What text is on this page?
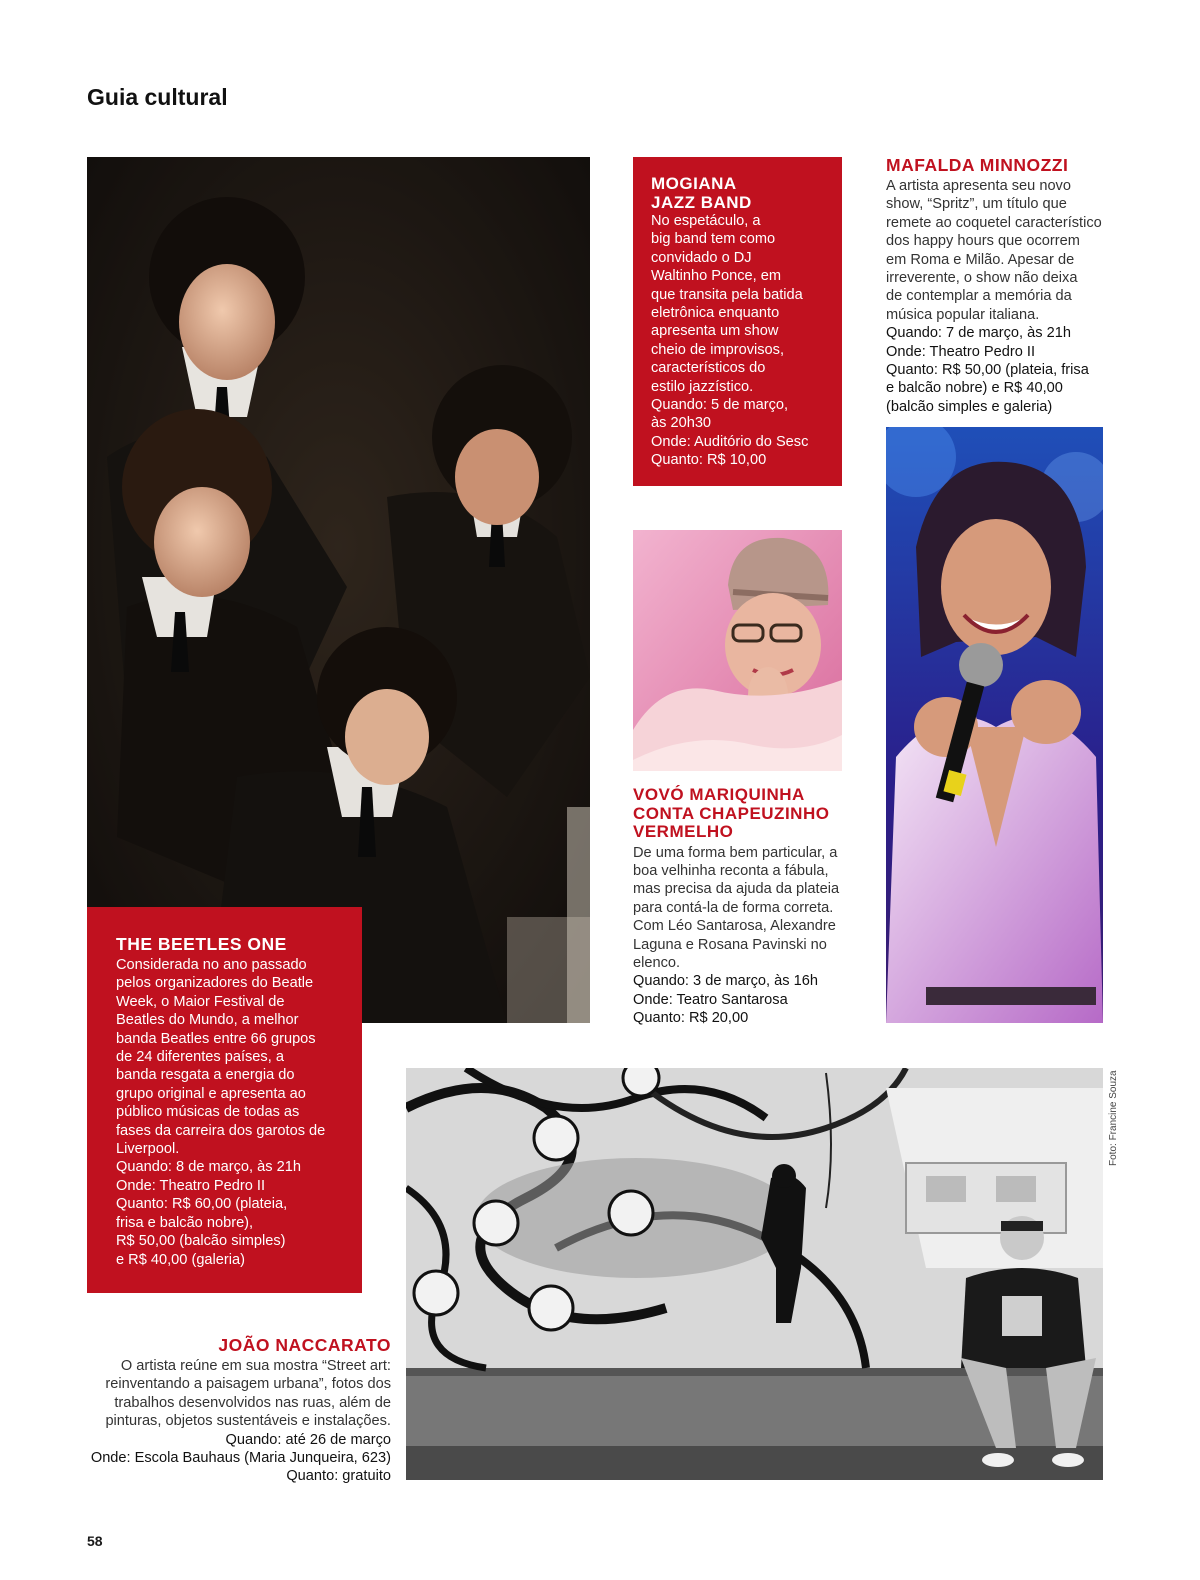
Guia cultural
THE BEETLES ONE
Considerada no ano passado
pelos organizadores do Beatle
Week, o Maior Festival de
Beatles do Mundo, a melhor
banda Beatles entre 66 grupos
de 24 diferentes países, a
banda resgata a energia do
grupo original e apresenta ao
público músicas de todas as
fases da carreira dos garotos de
Liverpool.
Quando: 8 de março, às 21h
Onde: Theatro Pedro II
Quanto: R$ 60,00 (plateia,
frisa e balcão nobre),
R$ 50,00 (balcão simples)
e R$ 40,00 (galeria)
MOGIANA
JAZZ BAND
No espetáculo, a
big band tem como
convidado o DJ
Waltinho Ponce, em
que transita pela batida
eletrônica enquanto
apresenta um show
cheio de improvisos,
característicos do
estilo jazzístico.
Quando: 5 de março,
às 20h30
Onde: Auditório do Sesc
Quanto: R$ 10,00
MAFALDA MINNOZZI
A artista apresenta seu novo
show, “Spritz”, um título que
remete ao coquetel característico
dos happy hours que ocorrem
em Roma e Milão. Apesar de
irreverente, o show não deixa
de contemplar a memória da
música popular italiana.
Quando: 7 de março, às 21h
Onde: Theatro Pedro II
Quanto: R$ 50,00 (plateia, frisa
e balcão nobre) e R$ 40,00
(balcão simples e galeria)
VOVÓ MARIQUINHA
CONTA CHAPEUZINHO
VERMELHO
De uma forma bem particular, a
boa velhinha reconta a fábula,
mas precisa da ajuda da plateia
para contá-la de forma correta.
Com Léo Santarosa, Alexandre
Laguna e Rosana Pavinski no
elenco.
Quando: 3 de março, às 16h
Onde: Teatro Santarosa
Quanto: R$ 20,00
Foto: Francine Souza
JOÃO NACCARATO
O artista reúne em sua mostra “Street art:
reinventando a paisagem urbana”, fotos dos
trabalhos desenvolvidos nas ruas, além de
pinturas, objetos sustentáveis e instalações.
Quando: até 26 de março
Onde: Escola Bauhaus (Maria Junqueira, 623)
Quanto: gratuito
58
